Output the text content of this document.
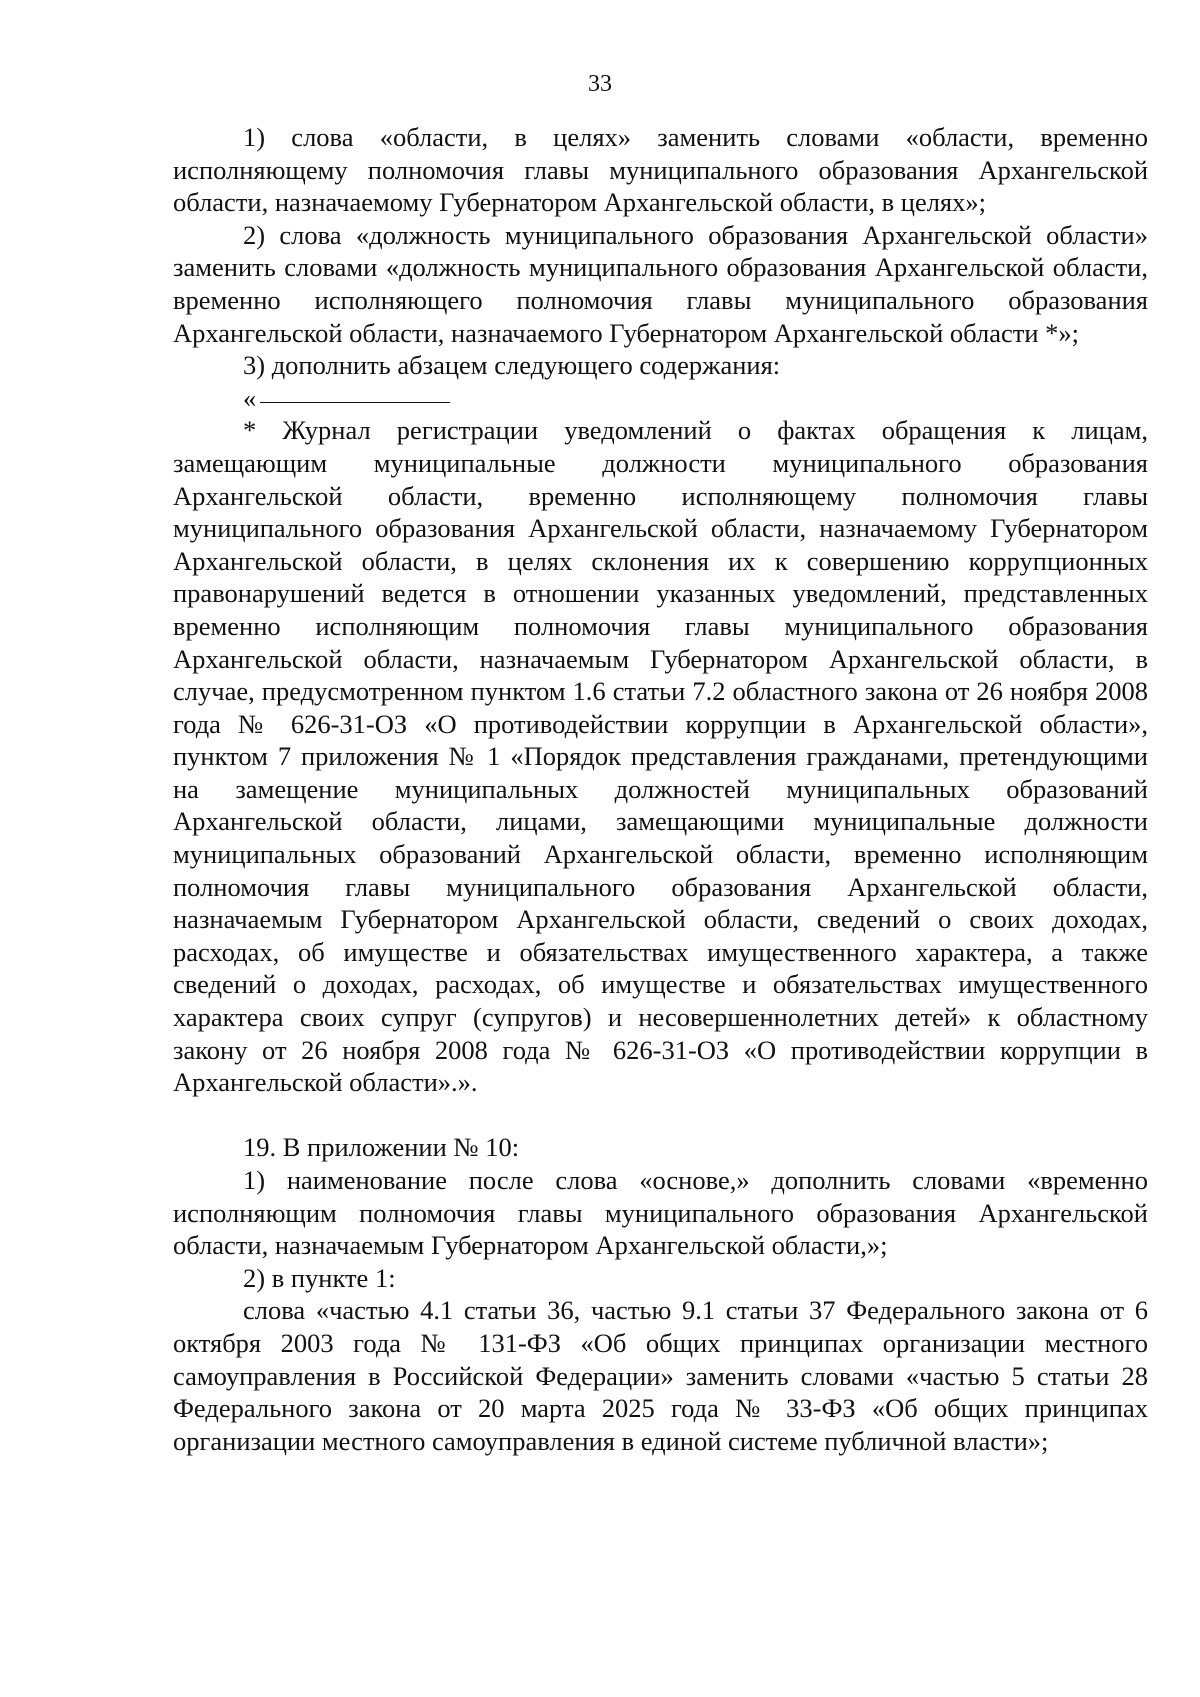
33

1) слова «области, в целях» заменить словами «области, временно исполняющему полномочия главы муниципального образования Архангельской области, назначаемому Губернатором Архангельской области, в целях»;

2) слова «должность муниципального образования Архангельской области» заменить словами «должность муниципального образования Архангельской области, временно исполняющего полномочия главы муниципального образования Архангельской области, назначаемого Губернатором Архангельской области *»;

3) дополнить абзацем следующего содержания:

«

* Журнал регистрации уведомлений о фактах обращения к лицам, замещающим муниципальные должности муниципального образования Архангельской области, временно исполняющему полномочия главы муниципального образования Архангельской области, назначаемому Губернатором Архангельской области, в целях склонения их к совершению коррупционных правонарушений ведется в отношении указанных уведомлений, представленных временно исполняющим полномочия главы муниципального образования Архангельской области, назначаемым Губернатором Архангельской области, в случае, предусмотренном пунктом 1.6 статьи 7.2 областного закона от 26 ноября 2008 года № 626-31-ОЗ «О противодействии коррупции в Архангельской области», пунктом 7 приложения № 1 «Порядок представления гражданами, претендующими на замещение муниципальных должностей муниципальных образований Архангельской области, лицами, замещающими муниципальные должности муниципальных образований Архангельской области, временно исполняющим полномочия главы муниципального образования Архангельской области, назначаемым Губернатором Архангельской области, сведений о своих доходах, расходах, об имуществе и обязательствах имущественного характера, а также сведений о доходах, расходах, об имуществе и обязательствах имущественного характера своих супруг (супругов) и несовершеннолетних детей» к областному закону от 26 ноября 2008 года № 626-31-ОЗ «О противодействии коррупции в Архангельской области».».

19. В приложении № 10:

1) наименование после слова «основе,» дополнить словами «временно исполняющим полномочия главы муниципального образования Архангельской области, назначаемым Губернатором Архангельской области,»;

2) в пункте 1:

слова «частью 4.1 статьи 36, частью 9.1 статьи 37 Федерального закона от 6 октября 2003 года № 131-ФЗ «Об общих принципах организации местного самоуправления в Российской Федерации» заменить словами «частью 5 статьи 28 Федерального закона от 20 марта 2025 года № 33-ФЗ «Об общих принципах организации местного самоуправления в единой системе публичной власти»;
